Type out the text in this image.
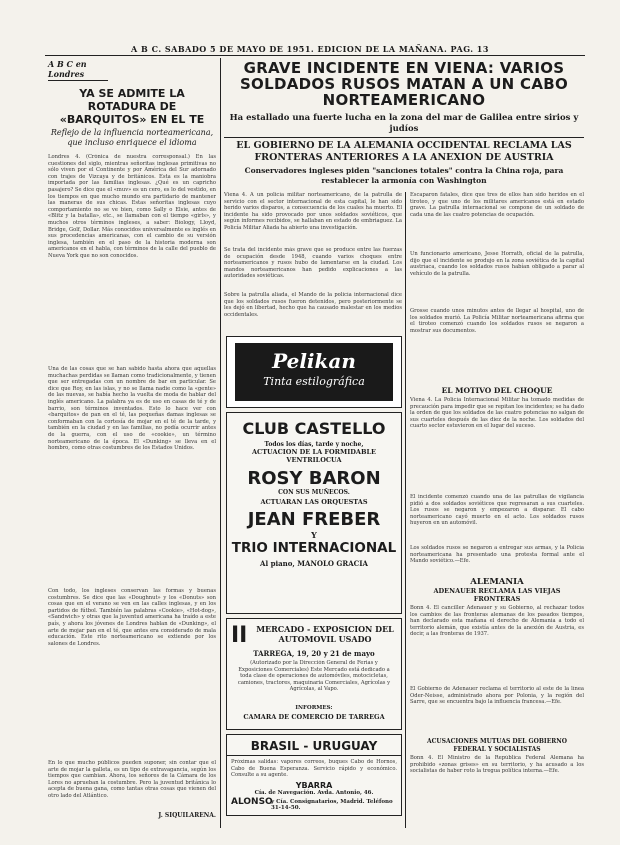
A B C. SABADO 5 DE MAYO DE 1951. EDICION DE LA MAÑANA. PAG. 13
A B C en Londres
YA SE ADMITE LA ROTADURA DE «BARQUITOS» EN EL TE
Reflejo de la influencia norteamericana, que incluso enriquece el idioma
Londres 4. (Crónica de nuestra corresponsal.) En las cuestiones del siglo, mientras señoritas inglesas primitivas no sólo viven por el Continente y por América del Sur adornado con trajes de Vizcaya y de británicos. Esta es la maniobra importada por las familias inglesas. ¿Qué es un capricho pasajero? Se dice que el «muv» es un cero, es lo del vestido, en los tiempos en que mucho mundo era partidario de mantener las maneras de sus chicas. Estas señoritas inglesas cuyo comportamiento no se ve bien, como Sally o Elsie, antes de «Blitz y la batalla», etc., se llamaban con el tiempo «girls», y muchos otros términos ingleses, a saber: Biology, Lloyd, Bridge, Golf, Dollar. Más conocidos universalmente es inglés en sus procedencias americanas, con el cambio de su versión inglesa, también en el paso de la historia moderna son americanos en el habla, con términos de la calle del pueblo de Nueva York que no son conocidos.
Una de las cosas que se han sabido hasta ahora que aquellas muchachas perdidas se llaman como tradicionalmente, y tienen que ser entregadas con un nombre de bar en particular. Se dice que Roy, en las islas, y no se llama nadie como la «gente» de las nuevas, se había hecho la vuelta de moda de hablar del inglés americano. La palabra ya es de uso en casas de té y de barrio, son términos inventados. Esto lo hace ver con «barquitos» de pan en el té, las pequeñas damas inglesas se conformaban con la cortesía de mojar en el té de la tarde, y también en la ciudad y en las familias, no podía ocurrir antes de la guerra, con el uso de «cookie», un término norteamericano de la época. El «Dunking» se lleva en el hombro, como otras costumbres de los Estados Unidos.
Con todo, los ingleses conservan las formas y buenas costumbres. Se dice que las «Doughnut» y los «Donuts» son cosas que en el verano se ven en las calles inglesas, y en los partidos de fútbol. También las palabras «Cookie», «Hot-dog», «Sandwich» y otras que la juventud americana ha traído a este país, y ahora los jóvenes de Londres hablan de «Dunking», el arte de mojar pan en el té, que antes era considerado de mala educación. Este rito norteamericano se extiende por los salones de Londres.
En lo que mucho públicos pueden suponer, sin contar que el arte de mojar la galleta, es un tipo de extravagancia, según los tiempos que cambian. Ahora, los señores de la Cámara de los Lores no aprueban la costumbre. Pero la juventud británica lo acepta de buena gana, como tantas otras cosas que vienen del otro lado del Atlántico.
J. SIQUILARENA.
GRAVE INCIDENTE EN VIENA: VARIOS SOLDADOS RUSOS MATAN A UN CABO NORTEAMERICANO
Ha estallado una fuerte lucha en la zona del mar de Galilea entre sirios y judíos
EL GOBIERNO DE LA ALEMANIA OCCIDENTAL RECLAMA LAS FRONTERAS ANTERIORES A LA ANEXION DE AUSTRIA
Conservadores ingleses piden "sanciones totales" contra la China roja, para restablecer la armonía con Washington
Viena 4. A un policía militar norteamericano, de la patrulla de servicio con el sector internacional de esta capital, le han sido herido varios disparos, a consecuencia de los cuales ha muerto. El incidente ha sido provocado por unos soldados soviéticos, que según informes recibidos, se hallaban en estado de embriaguez. La Policía Militar Aliada ha abierto una investigación.
Se trata del incidente más grave que se produce entre las fuerzas de ocupación desde 1948, cuando varios choques entre norteamericanos y rusos hubo de lamentarse en la ciudad. Los mandos norteamericanos han pedido explicaciones a las autoridades soviéticas.
Sobre la patrulla aliada, el Mando de la policía internacional dice que los soldados rusos fueron detenidos, pero posteriormente se les dejó en libertad, hecho que ha causado malestar en los medios occidentales.
Pelikan
Tinta estilográfica
CLUB CASTELLO
Todos los días, tarde y noche,
ACTUACION DE LA FORMIDABLE
VENTRILOCUA
ROSY BARON
CON SUS MUÑECOS.
ACTUARAN LAS ORQUESTAS
JEAN FREBER
Y
TRIO INTERNACIONAL
Al piano, MANOLO GRACIA
II	MERCADO - EXPOSICION DEL AUTOMOVIL USADO
TARREGA, 19, 20 y 21 de mayo
(Autorizado por la Dirección General de Ferias y Exposiciones Comerciales) Este Mercado está dedicado a toda clase de operaciones de automóviles, motocicletas, camiones, tractores, maquinaria Comerciales, Agrícolas y Agrícolas, al Vapo.
INFORMES:
CAMARA DE COMERCIO DE TARREGA
BRASIL - URUGUAY
Próximas salidas: vapores correos, buques Cabo de Hornos, Cabo de Buena Esperanza. Servicio rápido y económico. Consulte a su agente.
YBARRA
Cía. de Navegación. Avda. Antonio, 46.
ALONSO
y Cía. Consignatarios, Madrid. Teléfono 31-14-50.
Escaparon fatales, dice que tres de ellos han sido heridos en el tiroteo, y que uno de los militares americanos está en estado grave. La patrulla internacional se compone de un soldado de cada una de las cuatro potencias de ocupación.
Un funcionario americano, Jesse Horrath, oficial de la patrulla, dijo que el incidente se produjo en la zona soviética de la capital austríaca, cuando los soldados rusos habían obligado a parar al vehículo de la patrulla.
Grosse cuando unos minutos antes de llegar al hospital, uno de los soldados murió. La Policía Militar norteamericana afirma que el tiroteo comenzó cuando los soldados rusos se negaron a mostrar sus documentos.
EL MOTIVO DEL CHOQUE
Viena 4. La Policía Internacional Militar ha tomado medidas de precaución para impedir que se repitan los incidentes; se ha dado la orden de que los soldados de las cuatro potencias no salgan de sus cuarteles después de las diez de la noche. Los soldados del cuarto sector estuvieron en el lugar del suceso.
El incidente comenzó cuando una de las patrullas de vigilancia pidió a dos soldados soviéticos que regresaran a sus cuarteles. Los rusos se negaron y empezaron a disparar. El cabo norteamericano cayó muerto en el acto. Los soldados rusos huyeron en un automóvil.
Los soldados rusos se negaron a entregar sus armas, y la Policía norteamericana ha presentado una protesta formal ante el Mando soviético.—Efe.
ALEMANIA
ADENAUER RECLAMA LAS VIEJAS FRONTERAS
Bonn 4. El canciller Adenauer y su Gobierno, al rechazar todos los cambios de las fronteras alemanas de los pasados tiempos, han declarado esta mañana el derecho de Alemania a todo el territorio alemán, que existía antes de la anexión de Austria, es decir, a las fronteras de 1937.
El Gobierno de Adenauer reclama el territorio al este de la línea Oder-Neisse, administrado ahora por Polonia, y la región del Sarre, que se encuentra bajo la influencia francesa.—Efe.
ACUSACIONES MUTUAS DEL GOBIERNO FEDERAL Y SOCIALISTAS
Bonn 4. El Ministro de la República Federal Alemana ha prohibido «zonas grises» en su territorio, y ha acusado a los socialistas de haber roto la tregua política interna.—Efe.
